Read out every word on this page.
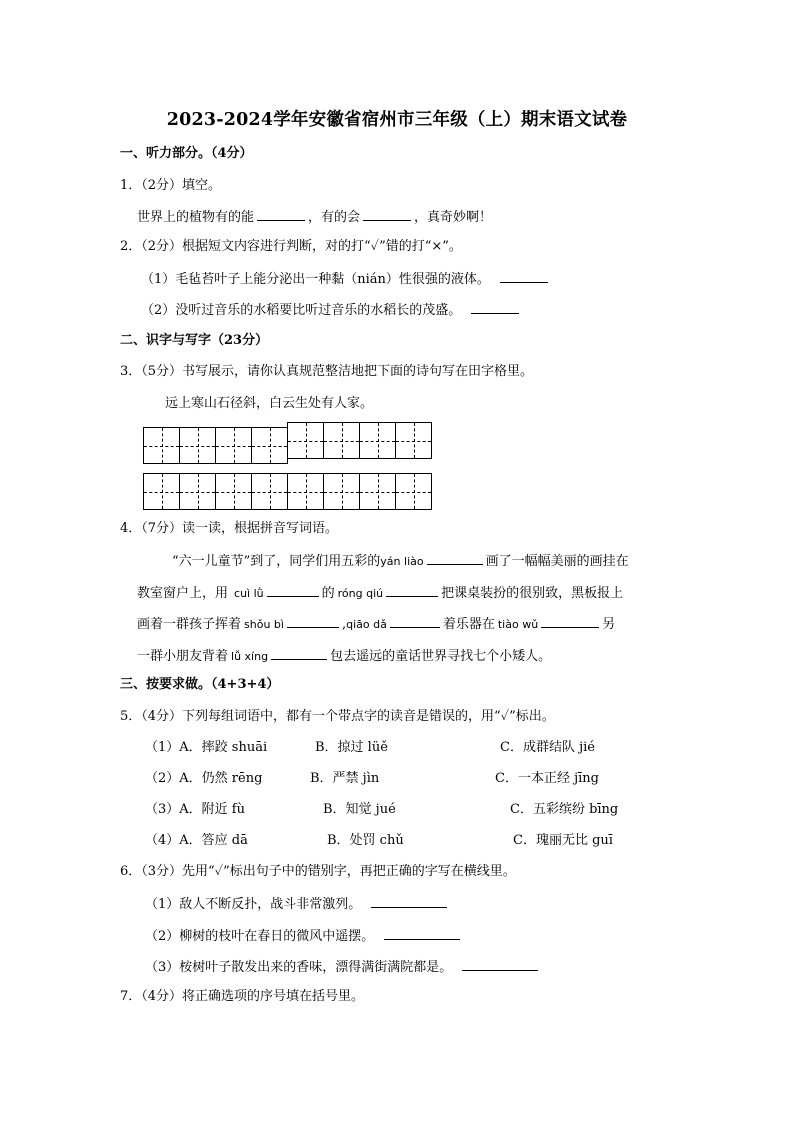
2023-2024学年安徽省宿州市三年级（上）期末语文试卷
一、听力部分。（4分）
1．（2分）填空。
世界上的植物有的能	，有的会	，真奇妙啊！
2．（2分）根据短文内容进行判断，对的打“✓”错的打“×”。
（1）毛毡苔叶子上能分泌出一种黏（nián）性很强的液体。
（2）没听过音乐的水稻要比听过音乐的水稻长的茂盛。
二、识字与写字（23分）
3．（5分）书写展示，请你认真规范整洁地把下面的诗句写在田字格里。
远上寒山石径斜，白云生处有人家。
4．（7分）读一读，根据拼音写词语。
“六一儿童节”到了，同学们用五彩的yán liào	画了一幅幅美丽的画挂在
教室窗户上，用 cuì lǜ	的 róng qiú	把课桌装扮的很别致，黑板报上
画着一群孩子挥着 shǒu bì	,qiāo dǎ	着乐器在 tiào wǔ	另
一群小朋友背着 lǚ xíng	包去遥远的童话世界寻找七个小矮人。
三、按要求做。（4+3+4）
5．（4分）下列每组词语中，都有一个带点字的读音是错误的，用“✓”标出。
（1）A．摔跤 shuāi	B．掠过 lüě	C．成群结队 jié
（2）A．仍然 rēng	B．严禁 jìn	C．一本正经 jīng
（3）A．附近 fù	B．知觉 jué	C．五彩缤纷 bīng
（4）A．答应 dā	B．处罚 chǔ	C．瑰丽无比 guī
6．（3分）先用“✓”标出句子中的错别字，再把正确的字写在横线里。
（1）敌人不断反扑，战斗非常激列。
（2）柳树的枝叶在春日的微风中遥摆。
（3）桉树叶子散发出来的香味，漂得满街满院都是。
7．（4分）将正确选项的序号填在括号里。
